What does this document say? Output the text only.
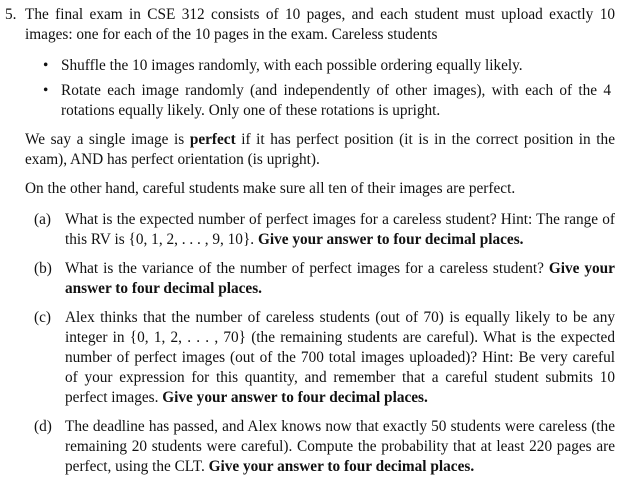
5. The final exam in CSE 312 consists of 10 pages, and each student must upload exactly 10 images: one for each of the 10 pages in the exam. Careless students
• Shuffle the 10 images randomly, with each possible ordering equally likely.
• Rotate each image randomly (and independently of other images), with each of the 4 rotations equally likely. Only one of these rotations is upright.

We say a single image is perfect if it has perfect position (it is in the correct position in the exam), AND has perfect orientation (is upright).

On the other hand, careful students make sure all ten of their images are perfect.

(a) What is the expected number of perfect images for a careless student? Hint: The range of this RV is {0, 1, 2, . . . , 9, 10}. Give your answer to four decimal places.
(b) What is the variance of the number of perfect images for a careless student? Give your answer to four decimal places.
(c) Alex thinks that the number of careless students (out of 70) is equally likely to be any integer in {0, 1, 2, . . . , 70} (the remaining students are careful). What is the expected number of perfect images (out of the 700 total images uploaded)? Hint: Be very careful of your expression for this quantity, and remember that a careful student submits 10 perfect images. Give your answer to four decimal places.
(d) The deadline has passed, and Alex knows now that exactly 50 students were careless (the remaining 20 students were careful). Compute the probability that at least 220 pages are perfect, using the CLT. Give your answer to four decimal places.
